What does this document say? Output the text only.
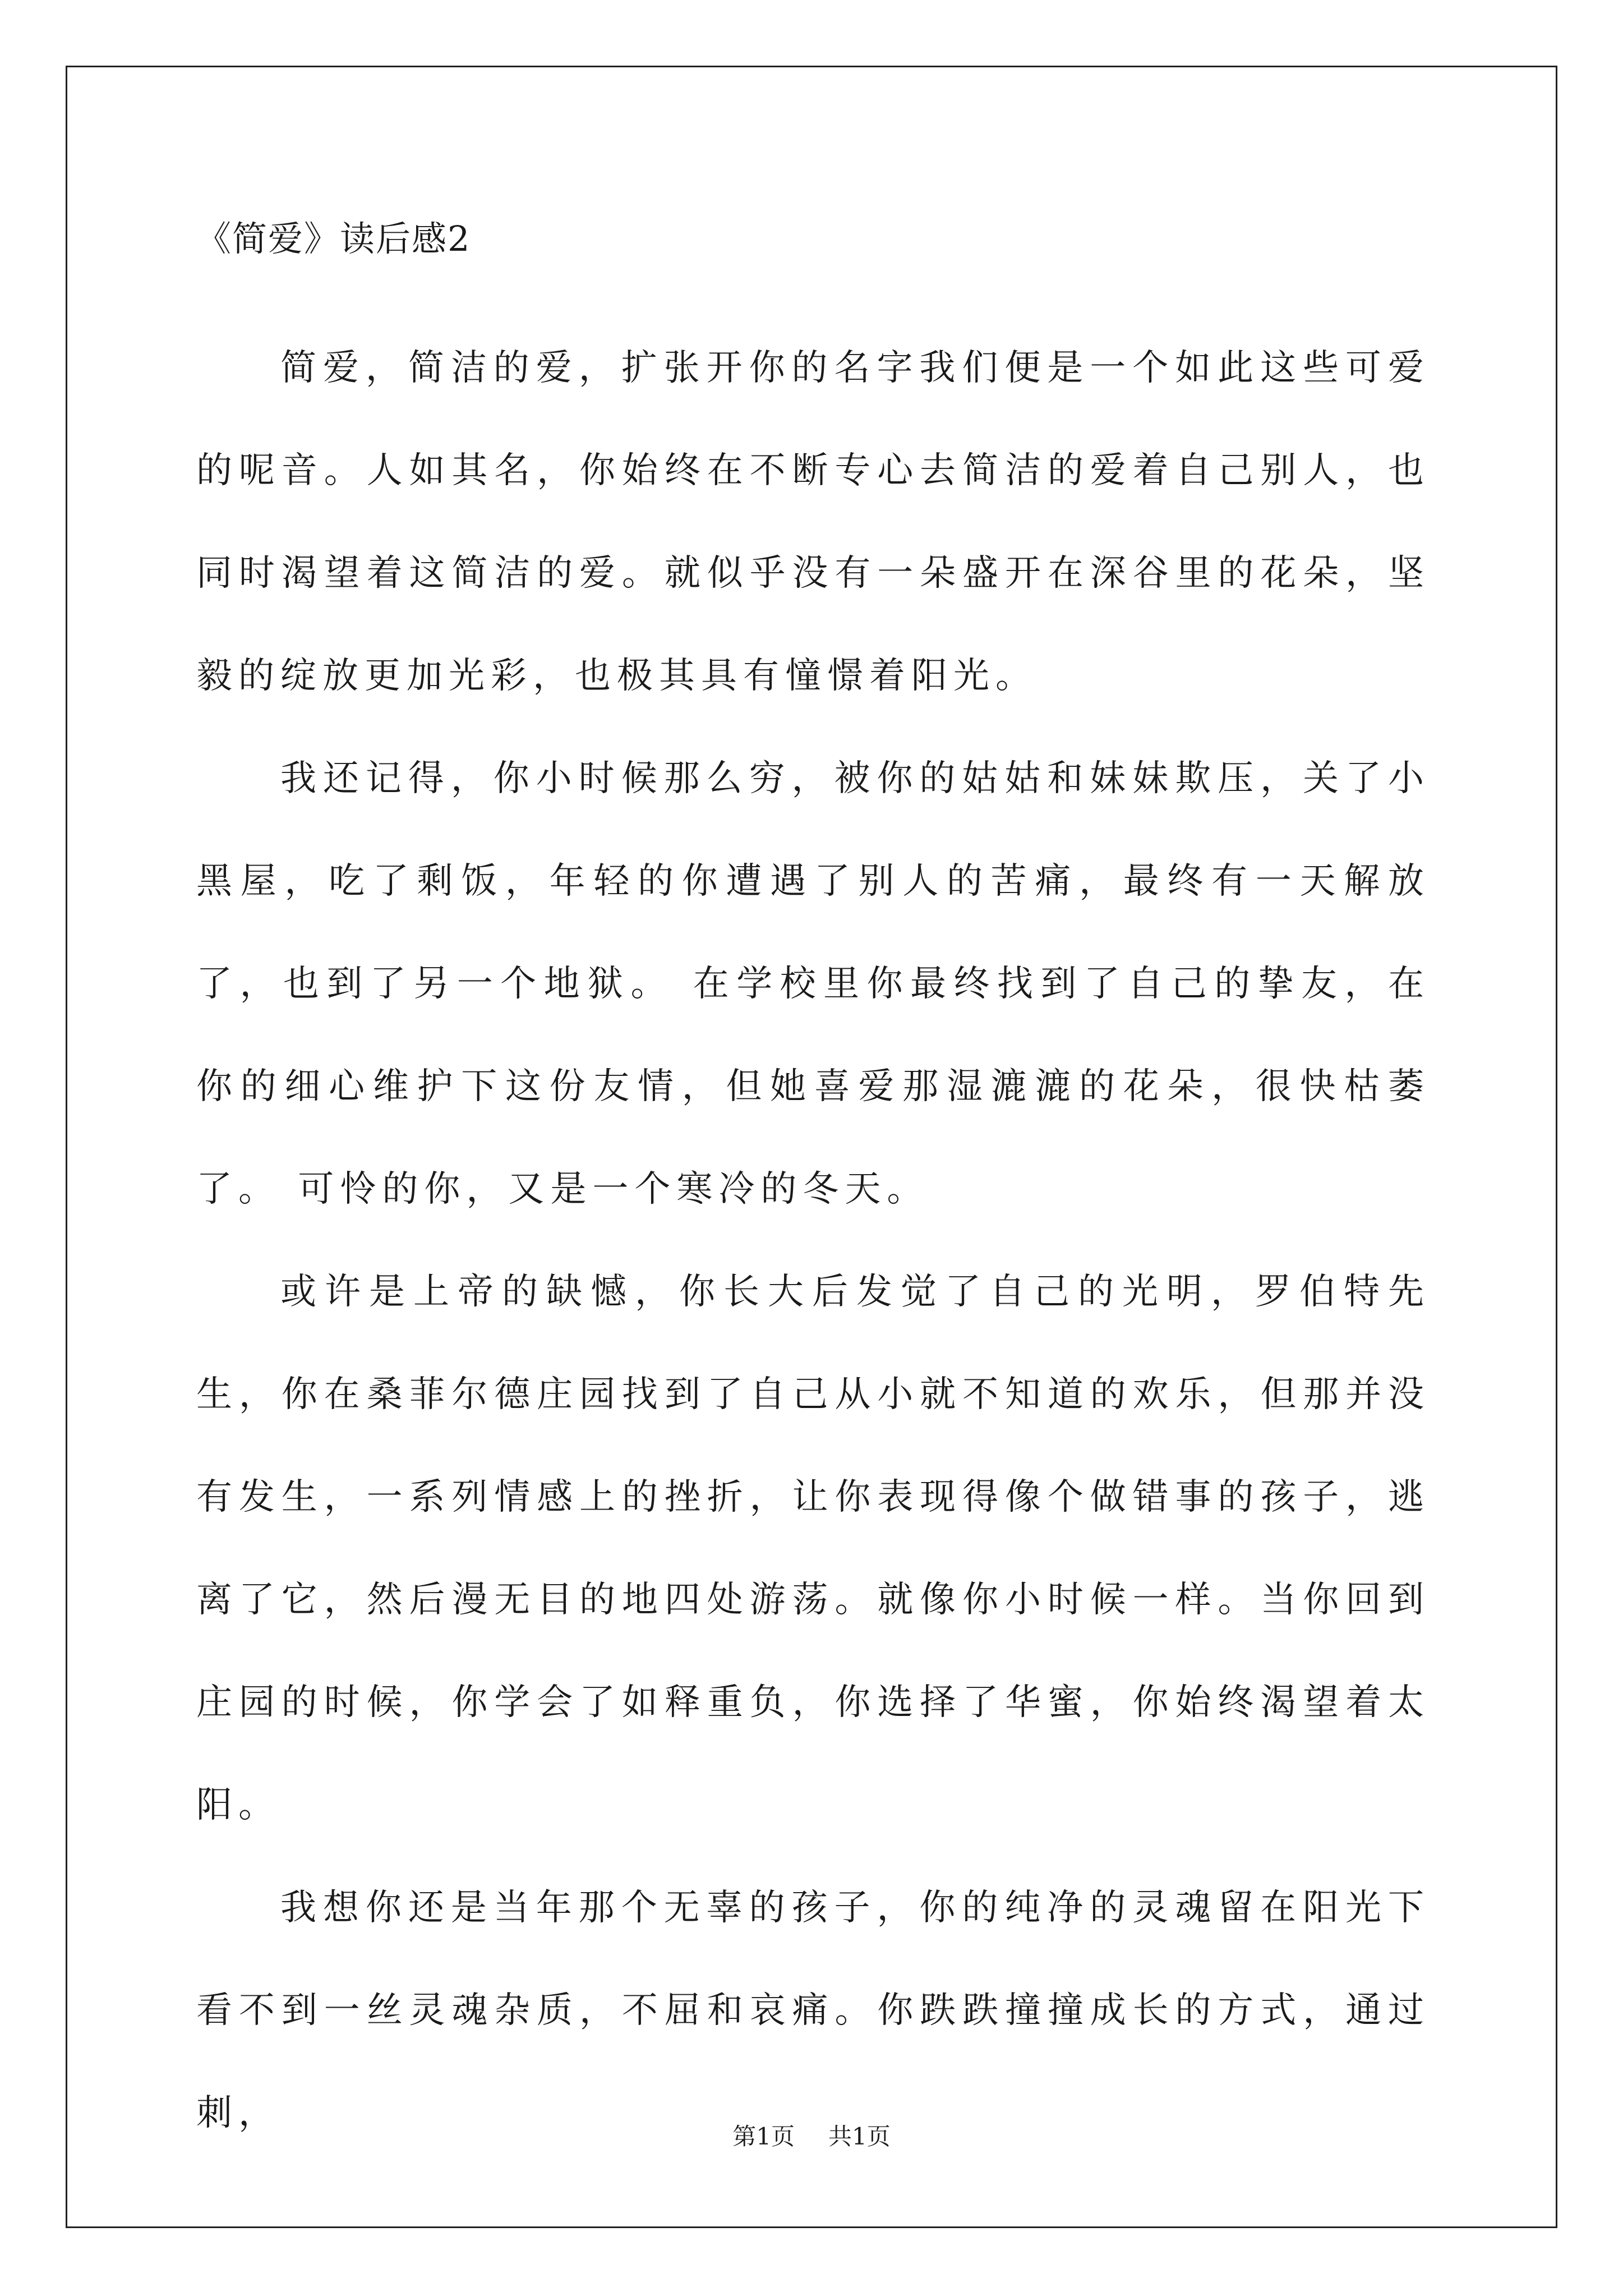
《简爱》读后感2

简爱，简洁的爱，扩张开你的名字我们便是一个如此这些可爱的呢音。人如其名，你始终在不断专心去简洁的爱着自己别人，也同时渴望着这简洁的爱。就似乎没有一朵盛开在深谷里的花朵，坚毅的绽放更加光彩，也极其具有憧憬着阳光。

我还记得，你小时候那么穷，被你的姑姑和妹妹欺压，关了小黑屋，吃了剩饭，年轻的你遭遇了别人的苦痛，最终有一天解放了，也到了另一个地狱。 在学校里你最终找到了自己的挚友，在你的细心维护下这份友情，但她喜爱那湿漉漉的花朵，很快枯萎了。 可怜的你，又是一个寒冷的冬天。

或许是上帝的缺憾，你长大后发觉了自己的光明，罗伯特先生，你在桑菲尔德庄园找到了自己从小就不知道的欢乐，但那并没有发生，一系列情感上的挫折，让你表现得像个做错事的孩子，逃离了它，然后漫无目的地四处游荡。就像你小时候一样。当你回到庄园的时候，你学会了如释重负，你选择了华蜜，你始终渴望着太阳。

我想你还是当年那个无辜的孩子，你的纯净的灵魂留在阳光下看不到一丝灵魂杂质，不屈和哀痛。你跌跌撞撞成长的方式，通过刺，

第1页 共1页
